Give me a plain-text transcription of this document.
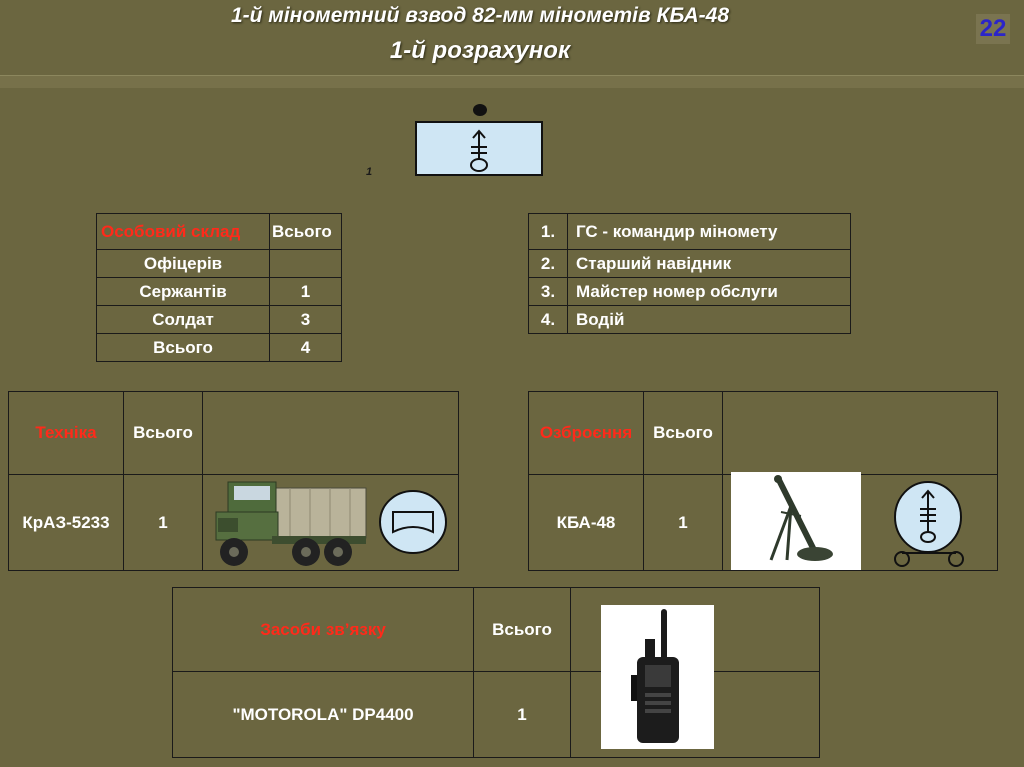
1-й мінометний взвод 82-мм мінометів КБА-48
1-й розрахунок
22
1
Особовий склад	Всього
Офіцерів	
Сержантів	1
Солдат	3
Всього	4
1.	ГС - командир міномету
2.	Старший навідник
3.	Майстер номер обслуги
4.	Водій
Техніка	Всього	
КрАЗ-5233	1	
Озброєння	Всього	
КБА-48	1	
Засоби зв’язку	Всього	
"MOTOROLA" DP4400	1	
